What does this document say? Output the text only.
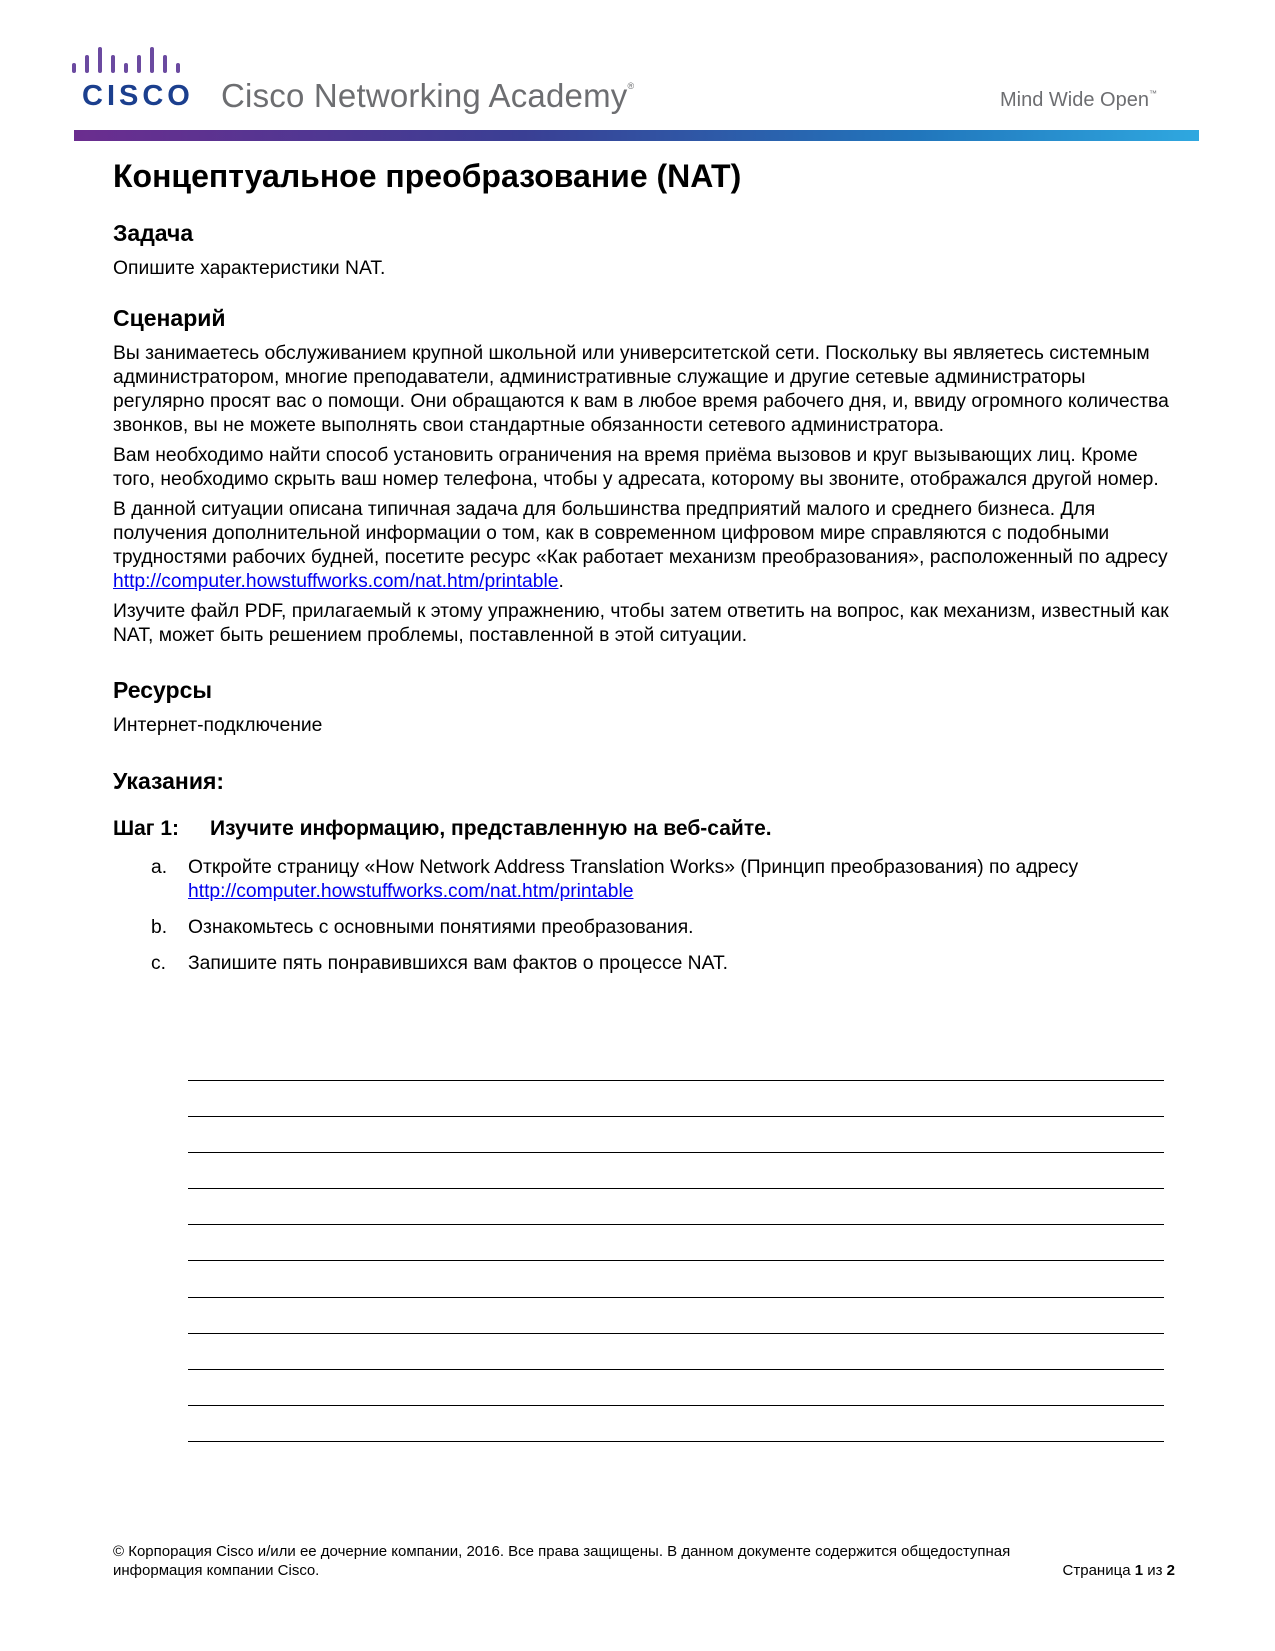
CISCO Cisco Networking Academy®
Mind Wide Open™
Концептуальное преобразование (NAT)
Задача

Опишите характеристики NAT.

Сценарий

Вы занимаетесь обслуживанием крупной школьной или университетской сети. Поскольку вы являетесь системным администратором, многие преподаватели, административные служащие и другие сетевые администраторы регулярно просят вас о помощи. Они обращаются к вам в любое время рабочего дня, и, ввиду огромного количества звонков, вы не можете выполнять свои стандартные обязанности сетевого администратора.

Вам необходимо найти способ установить ограничения на время приёма вызовов и круг вызывающих лиц. Кроме того, необходимо скрыть ваш номер телефона, чтобы у адресата, которому вы звоните, отображался другой номер.

В данной ситуации описана типичная задача для большинства предприятий малого и среднего бизнеса. Для получения дополнительной информации о том, как в современном цифровом мире справляются с подобными трудностями рабочих будней, посетите ресурс «Как работает механизм преобразования», расположенный по адресу http://computer.howstuffworks.com/nat.htm/printable.

Изучите файл PDF, прилагаемый к этому упражнению, чтобы затем ответить на вопрос, как механизм, известный как NAT, может быть решением проблемы, поставленной в этой ситуации.

Ресурсы

Интернет-подключение

Указания:

Шаг 1: Изучите информацию, представленную на веб-сайте.

a. Откройте страницу «How Network Address Translation Works» (Принцип преобразования) по адресу http://computer.howstuffworks.com/nat.htm/printable
b. Ознакомьтесь с основными понятиями преобразования.
c. Запишите пять понравившихся вам фактов о процессе NAT.
© Корпорация Cisco и/или ее дочерние компании, 2016. Все права защищены. В данном документе содержится общедоступная информация компании Cisco.	Страница 1 из 2
